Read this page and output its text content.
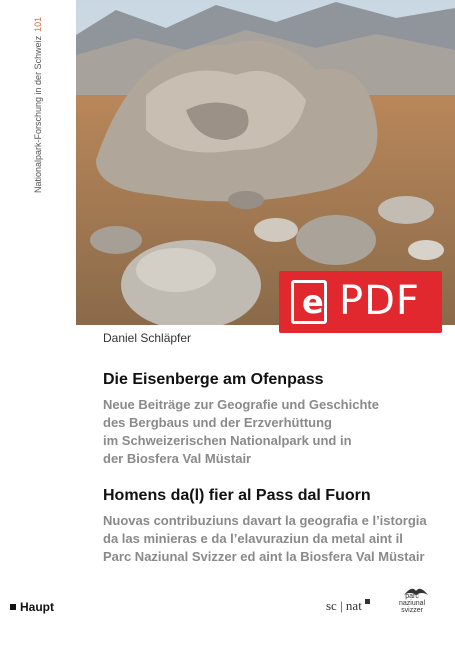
Nationalpark-Forschung in der Schweiz101
Haupt
e PDF
Daniel Schläpfer
Die Eisenberge am Ofenpass
Neue Beiträge zur Geografie und Geschichte
des Bergbaus und der Erzverhüttung
im Schweizerischen Nationalpark und in
der Biosfera Val Müstair
Homens da(l) fier al Pass dal Fuorn
Nuovas contribuziuns davart la geografia e l’istorgia
da las minieras e da l’elavuraziun da metal aint il
Parc Naziunal Svizzer ed aint la Biosfera Val Müstair
sc | nat
parc
naziunal
svizzer
